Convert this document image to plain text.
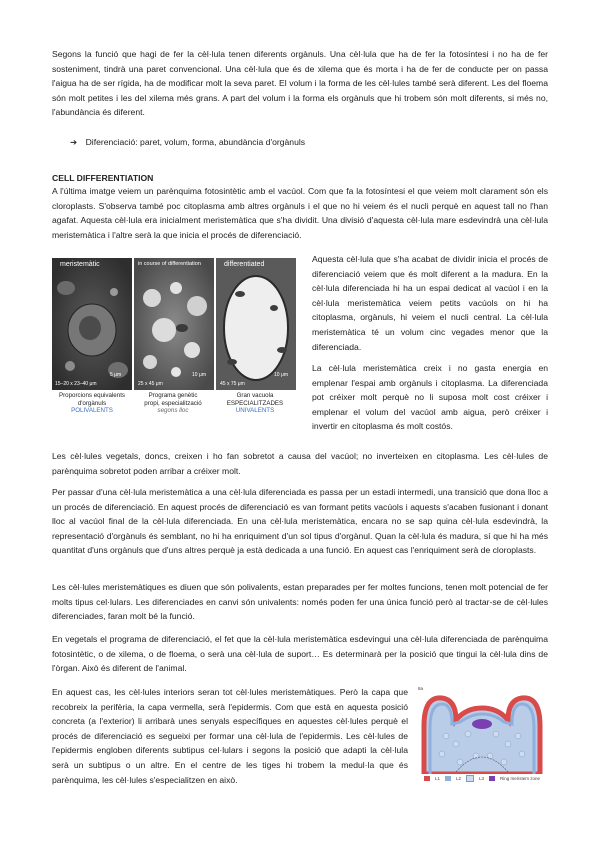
Segons la funció que hagi de fer la cèl·lula tenen diferents orgànuls. Una cèl·lula que ha de fer la fotosíntesi i no ha de fer sosteniment, tindrà una paret convencional. Una cèl·lula que és de xilema que és morta i ha de fer de conducte per on passa l'aigua ha de ser rígida, ha de modificar molt la seva paret. El volum i la forma de les cèl·lules també serà diferent. Les del floema són molt petites i les del xilema més grans. A part del volum i la forma els orgànuls que hi trobem són molt diferents, si més no, l'abundància és diferent.

➔ Diferenciació: paret, volum, forma, abundància d'orgànuls
CELL DIFFERENTIATION

A l'última imatge veiem un parènquima fotosintètic amb el vacúol. Com que fa la fotosíntesi el que veiem molt clarament són els cloroplasts. S'observa també poc citoplasma amb altres orgànuls i el que no hi veiem és el nucli perquè en aquest tall no l'han agafat. Aquesta cèl·lula era inicialment meristemàtica que s'ha dividit. Una divisió d'aquesta cèl·lula mare esdevindrà una cèl·lula meristemàtica i l'altre serà la que inicia el procés de diferenciació.

meristemàtic	in course of differentiation	differentiated
15–20 x 23–40 μm
5 μm
25 x 45 μm
10 μm
45 x 75 μm
10 μm
Proporcions equivalents
d'orgànuls
POLIVALENTS
Programa genètic
propi, especialització
segons lloc
Gran vacuola
ESPECIALITZADES
UNIVALENTS

Aquesta cèl·lula que s'ha acabat de dividir inicia el procés de diferenciació veiem que és molt diferent a la madura. En la cèl·lula diferenciada hi ha un espai dedicat al vacúol i en la cèl·lula meristemàtica veiem petits vacúols on hi ha citoplasma, orgànuls, hi veiem el nucli central. La cèl·lula meristemàtica té un volum cinc vegades menor que la diferenciada.

La cèl·lula meristemàtica creix i no gasta energia en emplenar l'espai amb orgànuls i citoplasma. La diferenciada pot créixer molt perquè no li suposa molt cost créixer i emplenar el volum del vacúol amb aigua, però créixer i invertir en citoplasma és molt costós.

Les cèl·lules vegetals, doncs, creixen i ho fan sobretot a causa del vacúol; no inverteixen en citoplasma. Les cèl·lules de parènquima sobretot poden arribar a créixer molt.

Per passar d'una cèl·lula meristemàtica a una cèl·lula diferenciada es passa per un estadi intermedi, una transició que dona lloc a un procés de diferenciació. En aquest procés de diferenciació es van formant petits vacúols i aquests s'acaben fusionant i donant lloc al vacúol final de la cèl·lula diferenciada. En una cèl·lula meristemàtica, encara no se sap quina cèl·lula esdevindrà, la representació d'orgànuls és semblant, no hi ha enriquiment d'un sol tipus d'orgànul. Quan la cèl·lula és madura, sí que hi ha més quantitat d'uns orgànuls que d'uns altres perquè ja està dedicada a una funció. En aquest cas l'enriquiment serà de cloroplasts.

Les cèl·lules meristemàtiques es diuen que són polivalents, estan preparades per fer moltes funcions, tenen molt potencial de fer molts tipus cel·lulars. Les diferenciades en canvi són univalents: només poden fer una única funció però al tractar-se de cèl·lules diferenciades, faran molt bé la funció.

En vegetals el programa de diferenciació, el fet que la cèl·lula meristemàtica esdevingui una cèl·lula diferenciada de parènquima fotosintètic, o de xilema, o de floema, o serà una cèl·lula de suport… Es determinarà per la posició que tingui la cèl·lula dins de l'òrgan. Això és diferent de l'animal.

En aquest cas, les cèl·lules interiors seran tot cèl·lules meristemàtiques. Però la capa que recobreix la perifèria, la capa vermella, serà l'epidermis. Com que està en aquesta posició concreta (a l'exterior) li arribarà unes senyals específiques en aquestes cèl·lules perquè el procés de diferenciació es segueixi per formar una cèl·lula de l'epidermis. Les cèl·lules de l'epidermis engloben diferents subtipus cel·lulars i segons la posició que adapti la cèl·lula serà un subtipus o un altre. En el centre de les tiges hi trobem la medul·la que és parènquima, les cèl·lules s'especialitzen en això.

8a
L1	L2	L3	Ring meristem zone
